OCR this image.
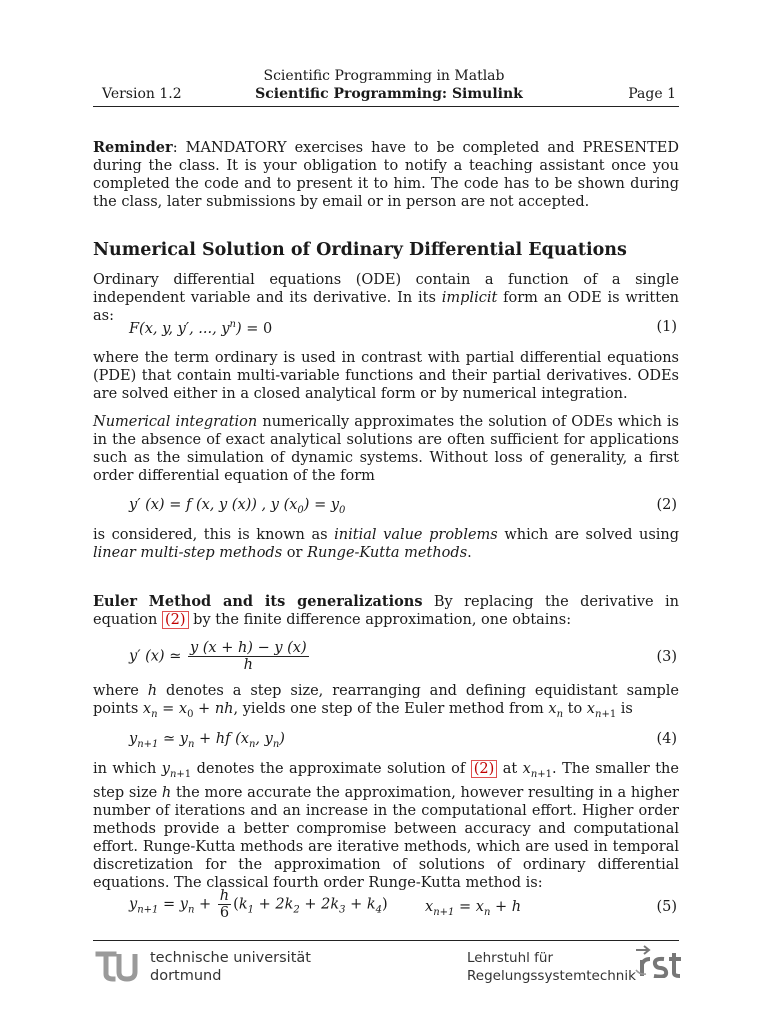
Scientific Programming in Matlab
Version 1.2	Scientific Programming: Simulink	Page 1

Reminder: MANDATORY exercises have to be completed and PRESENTED during the class. It is your obligation to notify a teaching assistant once you completed the code and to present it to him. The code has to be shown during the class, later submissions by email or in person are not accepted.

Numerical Solution of Ordinary Differential Equations

Ordinary differential equations (ODE) contain a function of a single independent variable and its derivative. In its implicit form an ODE is written as:

F(x, y, y′, ..., $y^n) = 0$	(1)

where the term ordinary is used in contrast with partial differential equations (PDE) that contain multi-variable functions and their partial derivatives. ODEs are solved either in a closed analytical form or by numerical integration.

Numerical integration numerically approximates the solution of ODEs which is in the absence of exact analytical solutions are often sufficient for applications such as the simulation of dynamic systems. Without loss of generality, a first order differential equation of the form

y′ (x) = f (x, y (x)) , y $(x_0) = y_0$	(2)

is considered, this is known as initial value problems which are solved using linear multi-step methods or Runge-Kutta methods.

Euler Method and its generalizations By replacing the derivative in equation (2) by the finite difference approximation, one obtains:

y′ (x) ≃ $\frac{y (x + h) - y (x)}{h}$	(3)

where h denotes a step size, rearranging and defining equidistant sample points $x_n = x_0$ + nh, yields one step of the Euler method from $x_n$ to $x_{n+1}$ is

$y_{n+1}$ ≃ $y_n$ + hf ($x_n$, $y_n$)	(4)

in which $y_{n+1}$ denotes the approximate solution of (2) at $x_{n+1}$. The smaller the step size h the more accurate the approximation, however resulting in a higher number of iterations and an increase in the computational effort. Higher order methods provide a better compromise between accuracy and computational effort. Runge-Kutta methods are iterative methods, which are used in temporal discretization for the approximation of solutions of ordinary differential equations. The classical fourth order Runge-Kutta method is:

$y_{n+1} = y_n + \frac{h}{6} (k_1 + 2k_2 + 2k_3 + k_4)$	$x_{n+1} = x_n + h$	(5)
technische universität
dortmund
Lehrstuhl für
Regelungssystemtechnik
